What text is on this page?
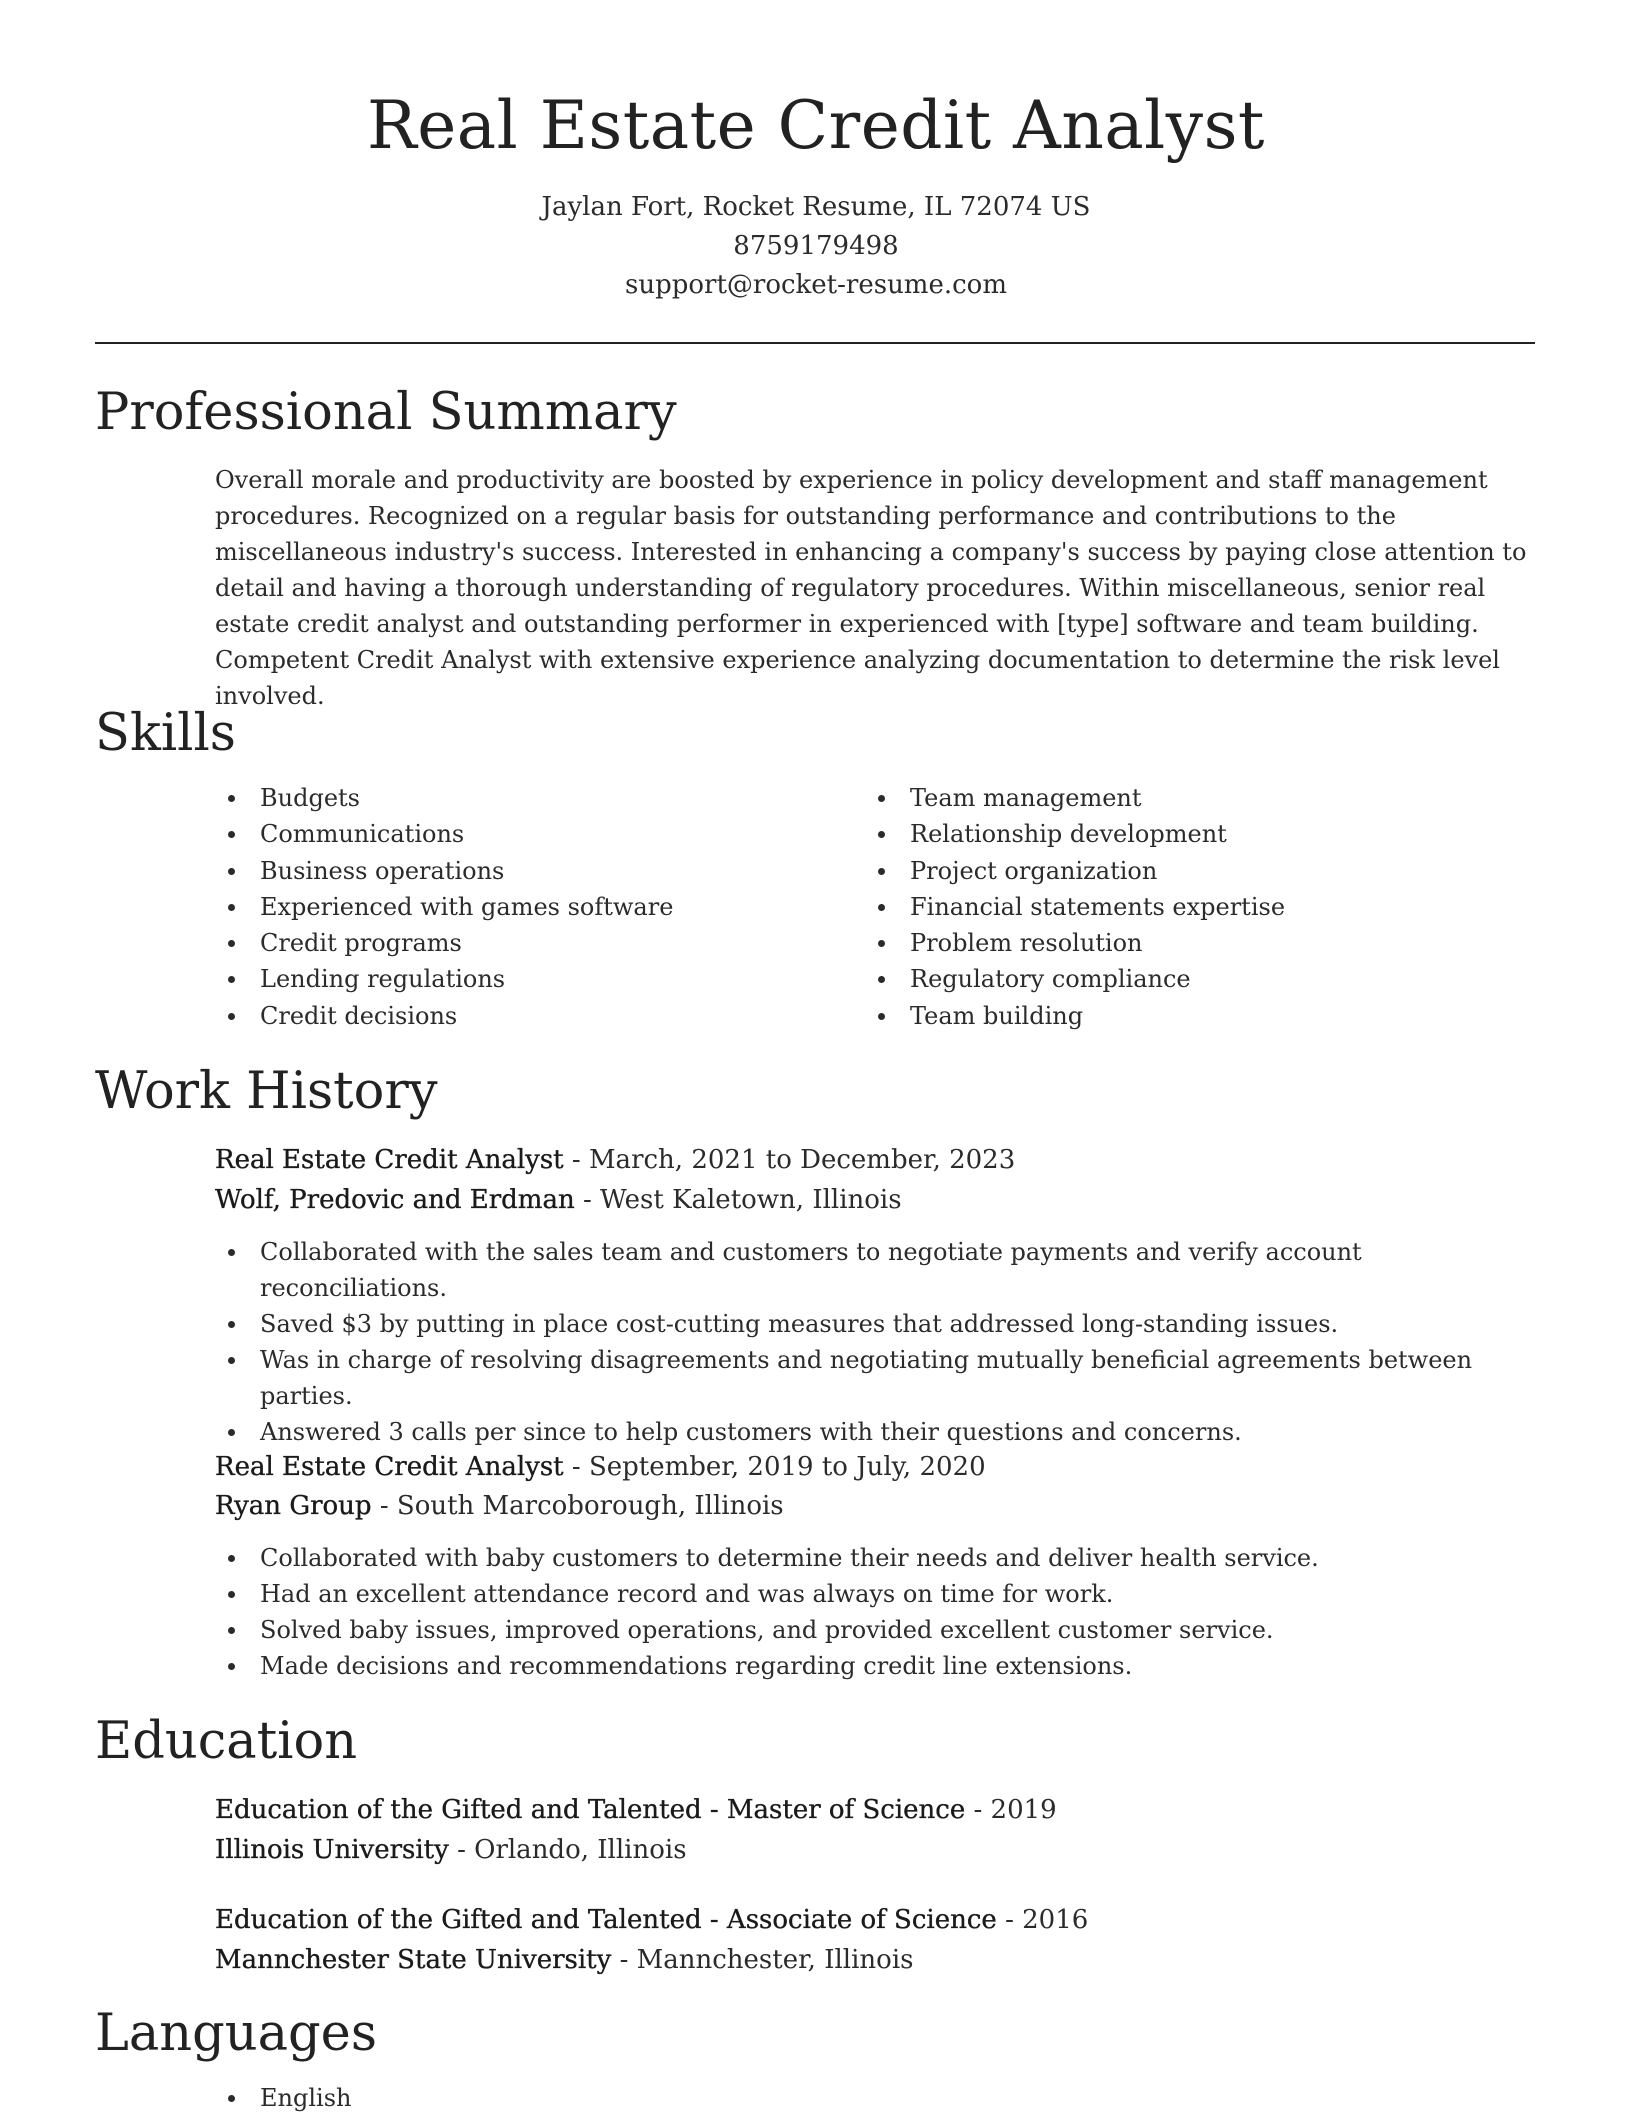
Real Estate Credit Analyst
Jaylan Fort, Rocket Resume, IL 72074 US
8759179498
support@rocket-resume.com
Professional Summary
Overall morale and productivity are boosted by experience in policy development and staff management procedures. Recognized on a regular basis for outstanding performance and contributions to the miscellaneous industry's success. Interested in enhancing a company's success by paying close attention to detail and having a thorough understanding of regulatory procedures. Within miscellaneous, senior real estate credit analyst and outstanding performer in experienced with [type] software and team building. Competent Credit Analyst with extensive experience analyzing documentation to determine the risk level involved.
Skills
Budgets
Communications
Business operations
Experienced with games software
Credit programs
Lending regulations
Credit decisions
Team management
Relationship development
Project organization
Financial statements expertise
Problem resolution
Regulatory compliance
Team building
Work History
Real Estate Credit Analyst - March, 2021 to December, 2023
Wolf, Predovic and Erdman - West Kaletown, Illinois
Collaborated with the sales team and customers to negotiate payments and verify account reconciliations.
Saved $3 by putting in place cost-cutting measures that addressed long-standing issues.
Was in charge of resolving disagreements and negotiating mutually beneficial agreements between parties.
Answered 3 calls per since to help customers with their questions and concerns.
Real Estate Credit Analyst - September, 2019 to July, 2020
Ryan Group - South Marcoborough, Illinois
Collaborated with baby customers to determine their needs and deliver health service.
Had an excellent attendance record and was always on time for work.
Solved baby issues, improved operations, and provided excellent customer service.
Made decisions and recommendations regarding credit line extensions.
Education
Education of the Gifted and Talented - Master of Science - 2019
Illinois University - Orlando, Illinois
Education of the Gifted and Talented - Associate of Science - 2016
Mannchester State University - Mannchester, Illinois
Languages
English
